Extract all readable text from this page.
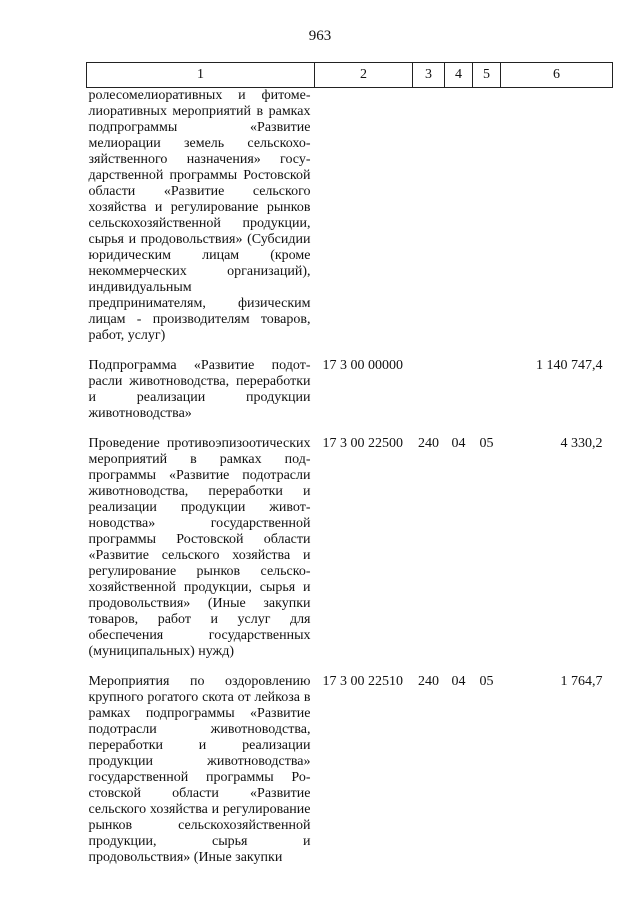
963
1	2	3	4	5	6
ролесомелиоративных и фитомелиоративных мероприятий в рамках подпрограммы «Развитие мелиорации земель сельскохозяйственного назначения» государственной программы Ростовской области «Развитие сельского хозяйства и регулирование рынков сельскохозяйственной продукции, сырья и продовольствия» (Субсидии юридическим лицам (кроме некоммерческих организаций), индивидуальным предпринимателям, физическим лицам - производителям товаров, работ, услуг)					
Подпрограмма «Развитие подотрасли животноводства, переработки и реализации продукции животноводства»	17 3 00 00000				1 140 747,4
Проведение противоэпизоотических мероприятий в рамках подпрограммы «Развитие подотрасли животноводства, переработки и реализации продукции животноводства» государственной программы Ростовской области «Развитие сельского хозяйства и регулирование рынков сельскохозяйственной продукции, сырья и продовольствия» (Иные закупки товаров, работ и услуг для обеспечения государственных (муниципальных) нужд)	17 3 00 22500	240	04	05	4 330,2
Мероприятия по оздоровлению крупного рогатого скота от лейкоза в рамках подпрограммы «Развитие подотрасли животноводства, переработки и реализации продукции животноводства» государственной программы Ростовской области «Развитие сельского хозяйства и регулирование рынков сельскохозяйственной продукции, сырья и продовольствия» (Иные закупки	17 3 00 22510	240	04	05	1 764,7
